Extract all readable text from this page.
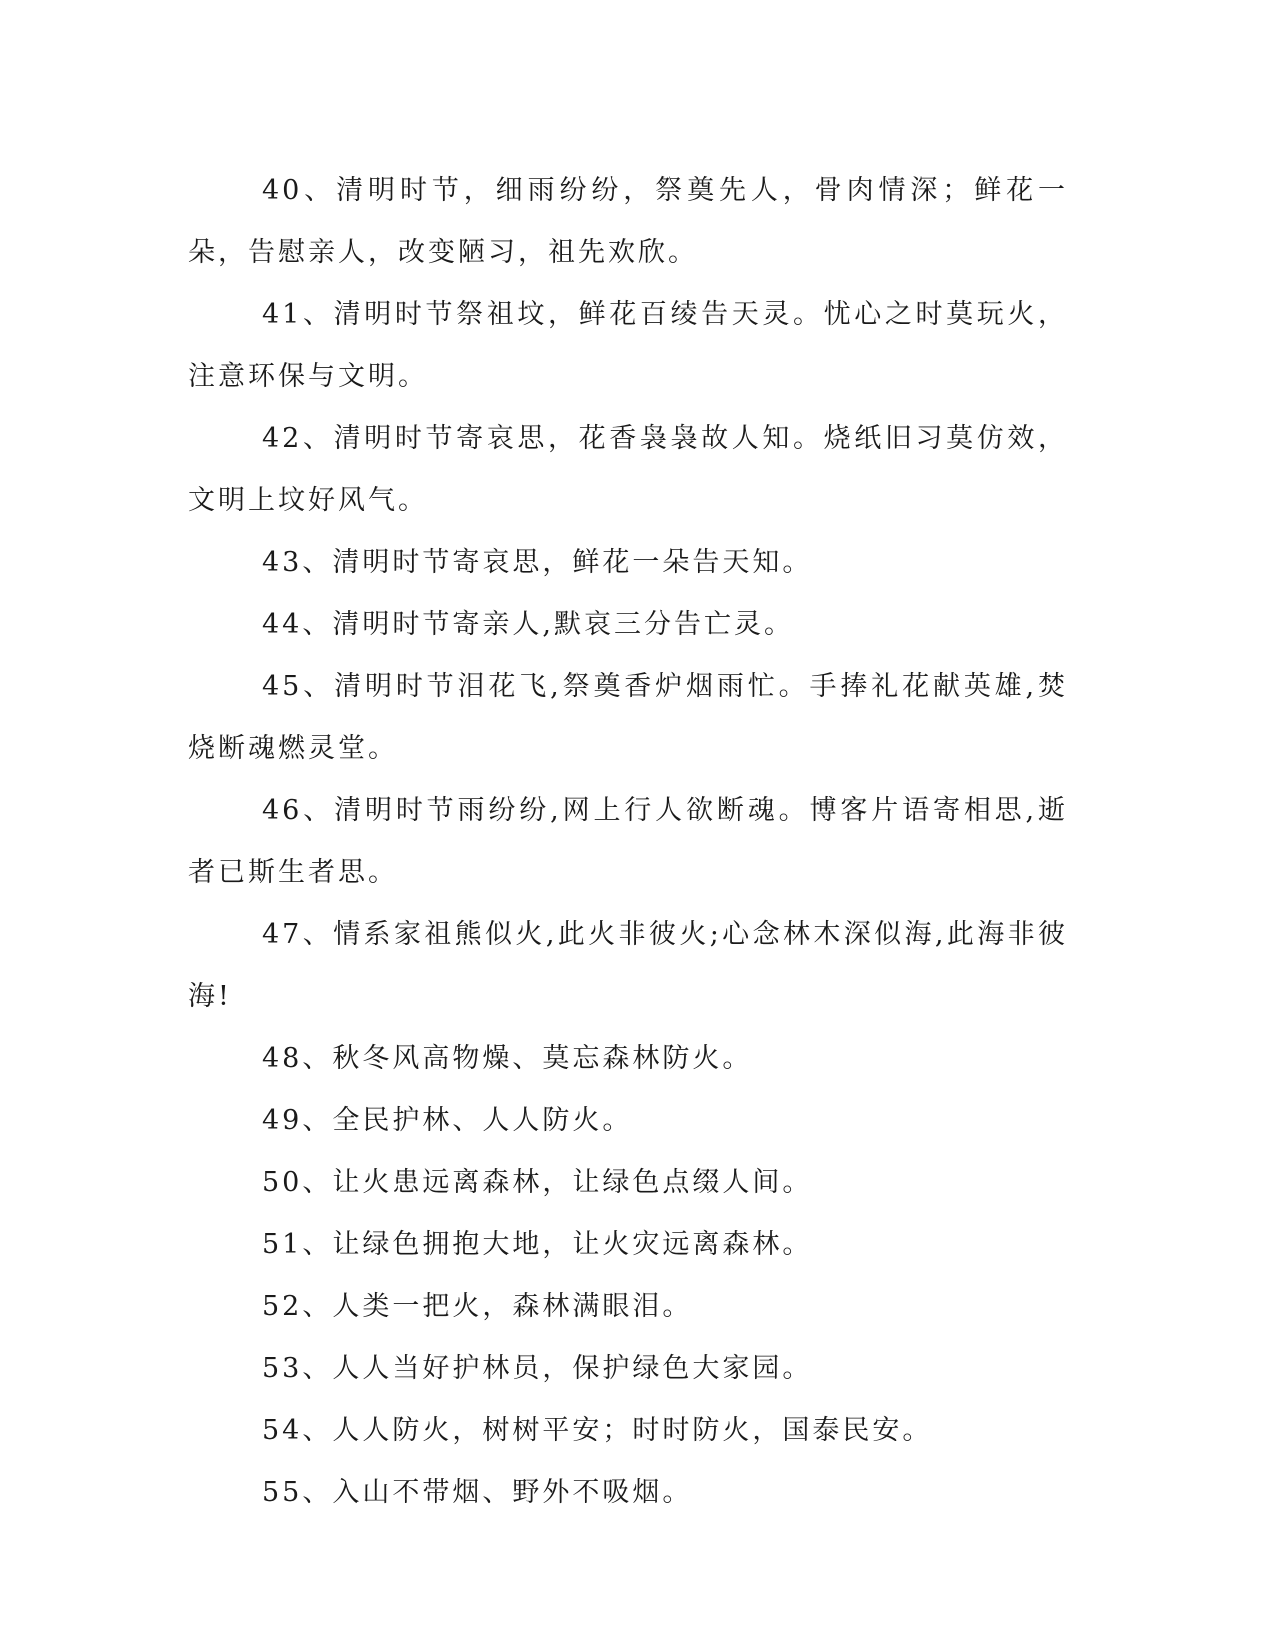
40、清明时节，细雨纷纷，祭奠先人，骨肉情深；鲜花一朵，告慰亲人，改变陋习，祖先欢欣。

41、清明时节祭祖坟，鲜花百绫告天灵。忧心之时莫玩火，注意环保与文明。

42、清明时节寄哀思，花香袅袅故人知。烧纸旧习莫仿效，文明上坟好风气。

43、清明时节寄哀思，鲜花一朵告天知。

44、清明时节寄亲人,默哀三分告亡灵。

45、清明时节泪花飞,祭奠香炉烟雨忙。手捧礼花献英雄,焚烧断魂燃灵堂。

46、清明时节雨纷纷,网上行人欲断魂。博客片语寄相思,逝者已斯生者思。

47、情系家祖熊似火,此火非彼火;心念林木深似海,此海非彼海!

48、秋冬风高物燥、莫忘森林防火。

49、全民护林、人人防火。

50、让火患远离森林，让绿色点缀人间。

51、让绿色拥抱大地，让火灾远离森林。

52、人类一把火，森林满眼泪。

53、人人当好护林员，保护绿色大家园。

54、人人防火，树树平安；时时防火，国泰民安。

55、入山不带烟、野外不吸烟。
